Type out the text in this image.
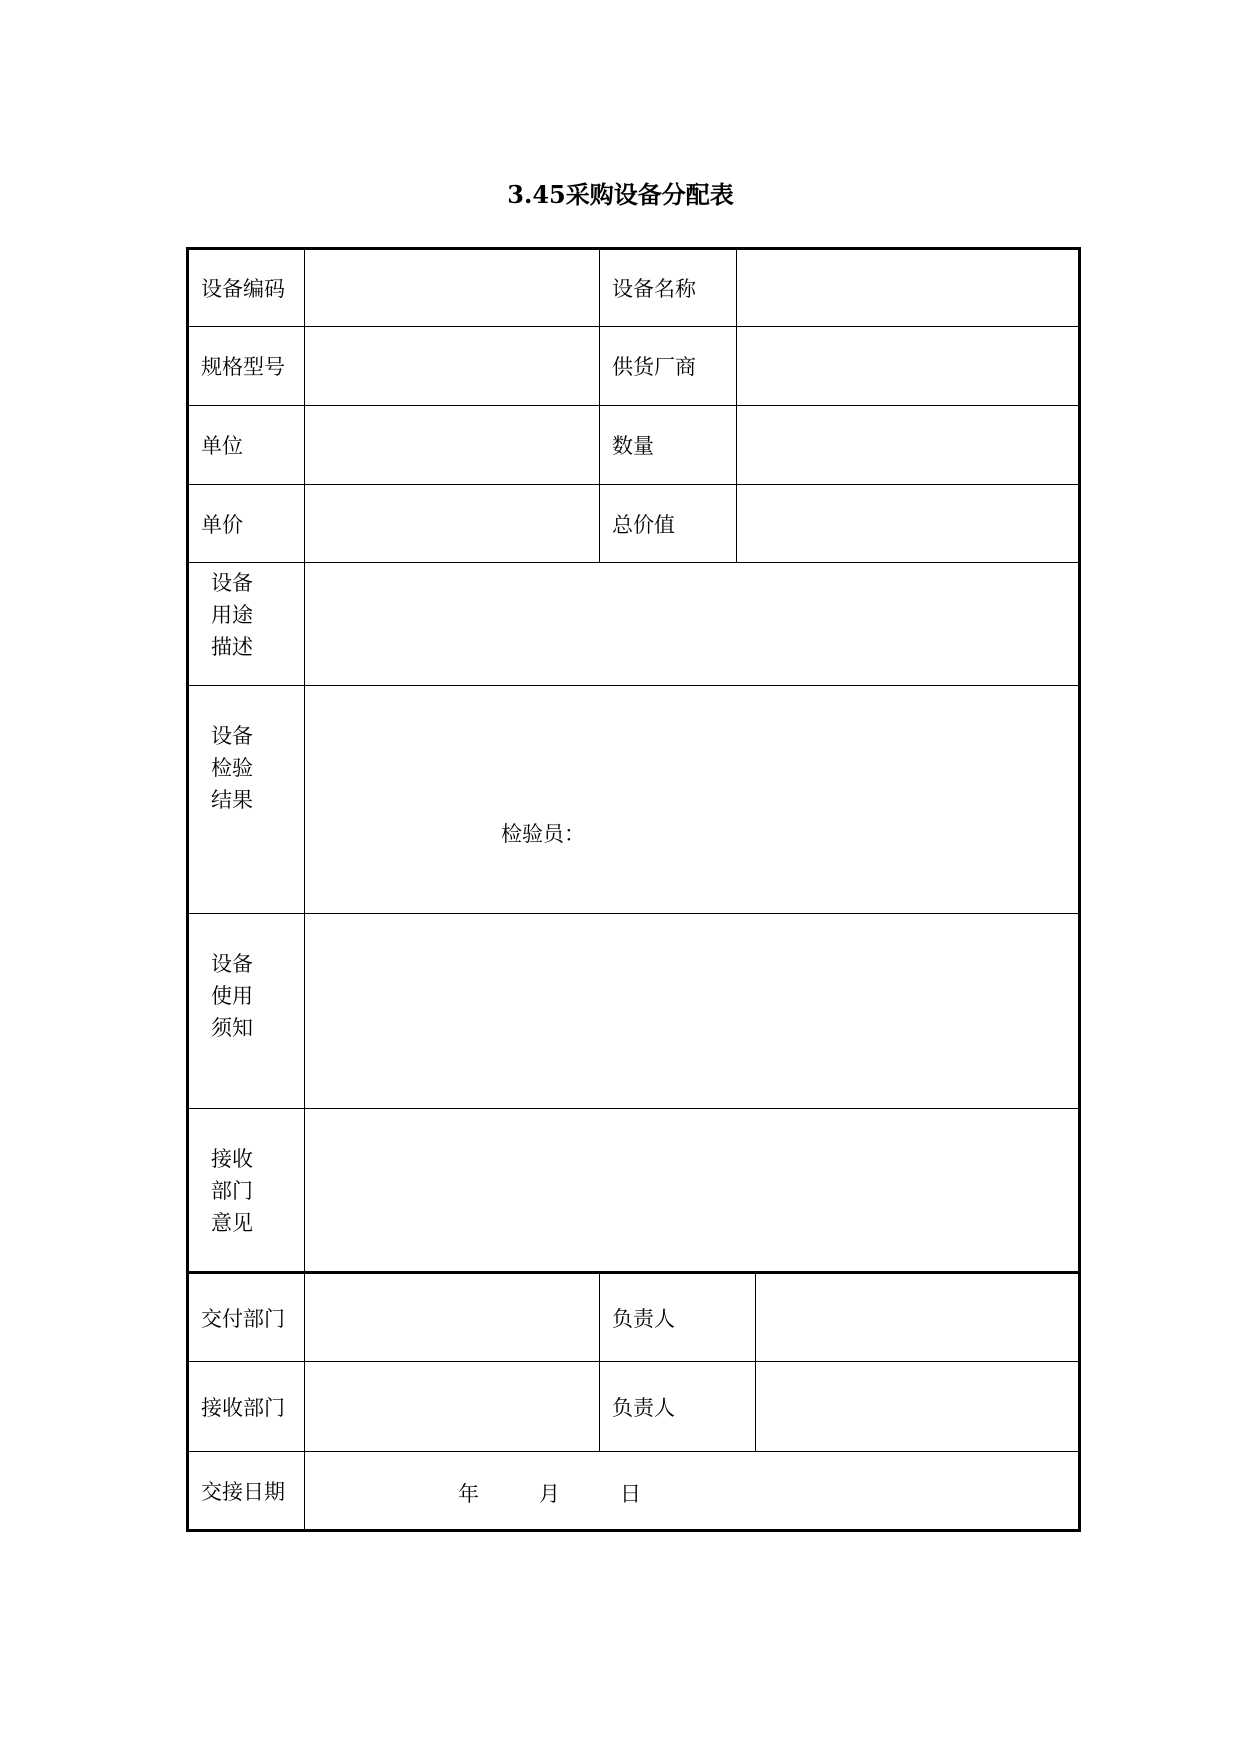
3.45采购设备分配表
设备编码		设备名称		
规格型号		供货厂商		
单位		数量		
单价		总价值		

设备
用途
描述				

设备
检验
结果	检验员：			

设备
使用
须知				

接收
部门
意见				

交付部门		负责人		
接收部门		负责人		
交接日期	年 月 日			
